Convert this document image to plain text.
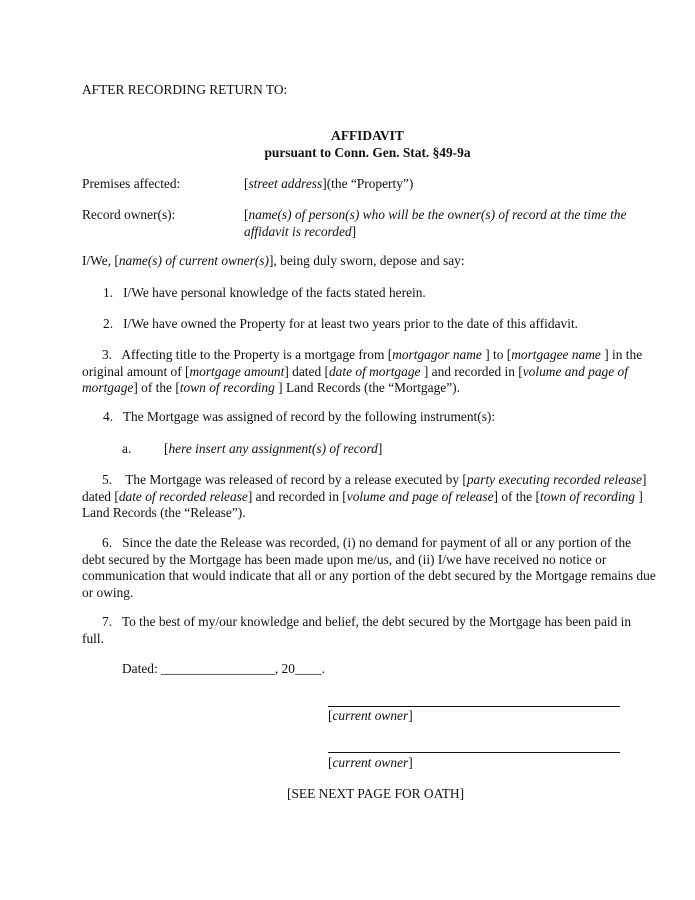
AFTER RECORDING RETURN TO:
AFFIDAVIT
pursuant to Conn. Gen. Stat. §49-9a
Premises affected:	[street address](the “Property”)
Record owner(s):	[name(s) of person(s) who will be the owner(s) of record at the time the affidavit is recorded]
I/We, [name(s) of current owner(s)], being duly sworn, depose and say:
1.   I/We have personal knowledge of the facts stated herein.
2.   I/We have owned the Property for at least two years prior to the date of this affidavit.
3.   Affecting title to the Property is a mortgage from [mortgagor name ] to [mortgagee name ] in the original amount of [mortgage amount] dated [date of mortgage ] and recorded in [volume and page of mortgage] of the [town of recording ] Land Records (the “Mortgage”).
4.   The Mortgage was assigned of record by the following instrument(s):
a. [here insert any assignment(s) of record]
5.    The Mortgage was released of record by a release executed by [party executing recorded release] dated [date of recorded release] and recorded in [volume and page of release] of the [town of recording ] Land Records (the “Release”).
6.   Since the date the Release was recorded, (i) no demand for payment of all or any portion of the debt secured by the Mortgage has been made upon me/us, and (ii) I/we have received no notice or communication that would indicate that all or any portion of the debt secured by the Mortgage remains due or owing.
7.   To the best of my/our knowledge and belief, the debt secured by the Mortgage has been paid in full.
Dated: _________________, 20____.
[current owner]
[current owner]
[SEE NEXT PAGE FOR OATH]
